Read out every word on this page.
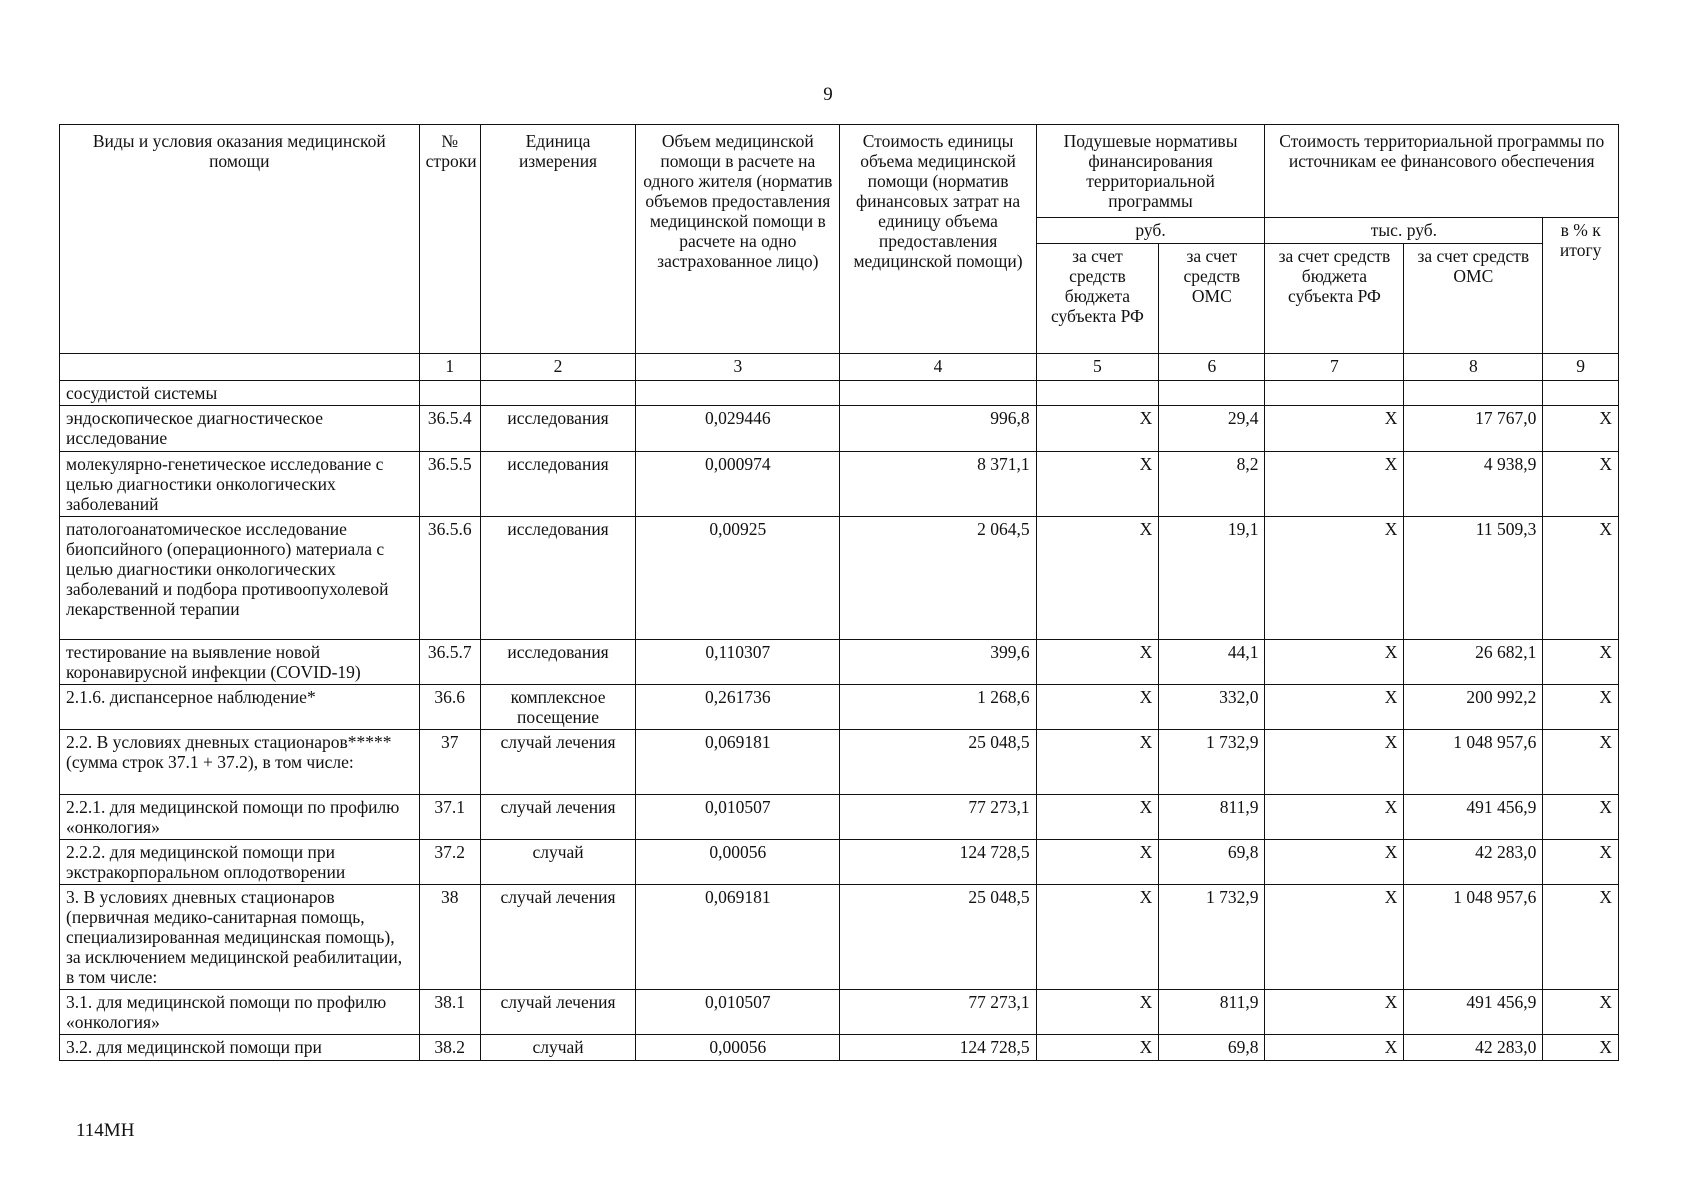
9
Виды и условия оказания медицинской помощи	№ строки	Единица измерения	Объем медицинской помощи в расчете на одного жителя (норматив объемов предоставления медицинской помощи в расчете на одно застрахованное лицо)	Стоимость единицы объема медицинской помощи (норматив финансовых затрат на единицу объема предоставления медицинской помощи)	Подушевые нормативы финансирования территориальной программы		Стоимость территориальной программы по источникам ее финансового обеспечения		
					руб.		тыс. руб.		в % к итогу
					за счет средств бюджета субъекта РФ	за счет средств ОМС	за счет средств бюджета субъекта РФ	за счет средств ОМС	
	1	2	3	4	5	6	7	8	9
сосудистой системы									
эндоскопическое диагностическое исследование	36.5.4	исследования	0,029446	996,8	Х	29,4	Х	17 767,0	Х
молекулярно-генетическое исследование с целью диагностики онкологических заболеваний	36.5.5	исследования	0,000974	8 371,1	Х	8,2	Х	4 938,9	Х
патологоанатомическое исследование биопсийного (операционного) материала с целью диагностики онкологических заболеваний и подбора противоопухолевой лекарственной терапии	36.5.6	исследования	0,00925	2 064,5	Х	19,1	Х	11 509,3	Х
тестирование на выявление новой коронавирусной инфекции (COVID-19)	36.5.7	исследования	0,110307	399,6	Х	44,1	Х	26 682,1	Х
2.1.6. диспансерное наблюдение*	36.6	комплексное посещение	0,261736	1 268,6	Х	332,0	Х	200 992,2	Х
2.2. В условиях дневных стационаров***** (сумма строк 37.1 + 37.2), в том числе:	37	случай лечения	0,069181	25 048,5	Х	1 732,9	Х	1 048 957,6	Х
2.2.1. для медицинской помощи по профилю «онкология»	37.1	случай лечения	0,010507	77 273,1	Х	811,9	Х	491 456,9	Х
2.2.2. для медицинской помощи при экстракорпоральном оплодотворении	37.2	случай	0,00056	124 728,5	Х	69,8	Х	42 283,0	Х
3. В условиях дневных стационаров (первичная медико-санитарная помощь, специализированная медицинская помощь), за исключением медицинской реабилитации, в том числе:	38	случай лечения	0,069181	25 048,5	Х	1 732,9	Х	1 048 957,6	Х
3.1. для медицинской помощи по профилю «онкология»	38.1	случай лечения	0,010507	77 273,1	Х	811,9	Х	491 456,9	Х
3.2. для медицинской помощи при	38.2	случай	0,00056	124 728,5	Х	69,8	Х	42 283,0	Х
114МН
